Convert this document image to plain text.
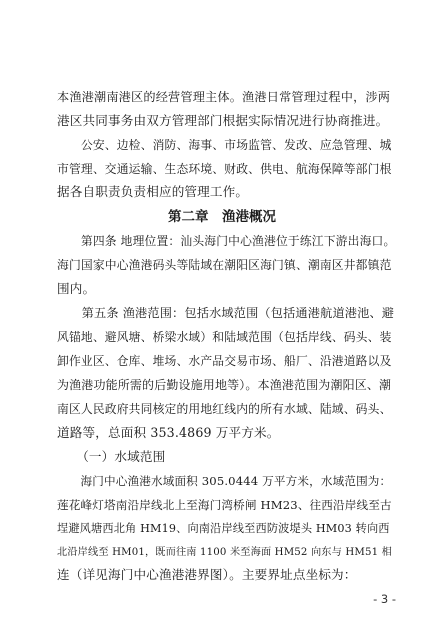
本渔港潮南港区的经营管理主体。渔港日常管理过程中，涉两
港区共同事务由双方管理部门根据实际情况进行协商推进。
　　公安、边检、消防、海事、市场监管、发改、应急管理、城
市管理、交通运输、生态环境、财政、供电、航海保障等部门根
据各自职责负责相应的管理工作。
第二章　渔港概况
　　第四条 地理位置：汕头海门中心渔港位于练江下游出海口。
海门国家中心渔港码头等陆域在潮阳区海门镇、潮南区井都镇范
围内。
　　第五条 渔港范围：包括水域范围（包括通港航道港池、避
风锚地、避风塘、桥梁水域）和陆域范围（包括岸线、码头、装
卸作业区、仓库、堆场、水产品交易市场、船厂、沿港道路以及
为渔港功能所需的后勤设施用地等）。本渔港范围为潮阳区、潮
南区人民政府共同核定的用地红线内的所有水域、陆域、码头、
道路等，总面积 353.4869 万平方米。
　　（一）水域范围
　　海门中心渔港水域面积 305.0444 万平方米，水域范围为：
莲花峰灯塔南沿岸线北上至海门湾桥闸 HM23、往西沿岸线至古
埕避风塘西北角 HM19、向南沿岸线至西防波堤头 HM03 转向西
北沿岸线至 HM01，既而往南 1100 米至海面 HM52 向东与 HM51 相
连（详见海门中心渔港港界图）。主要界址点坐标为：
- 3 -
